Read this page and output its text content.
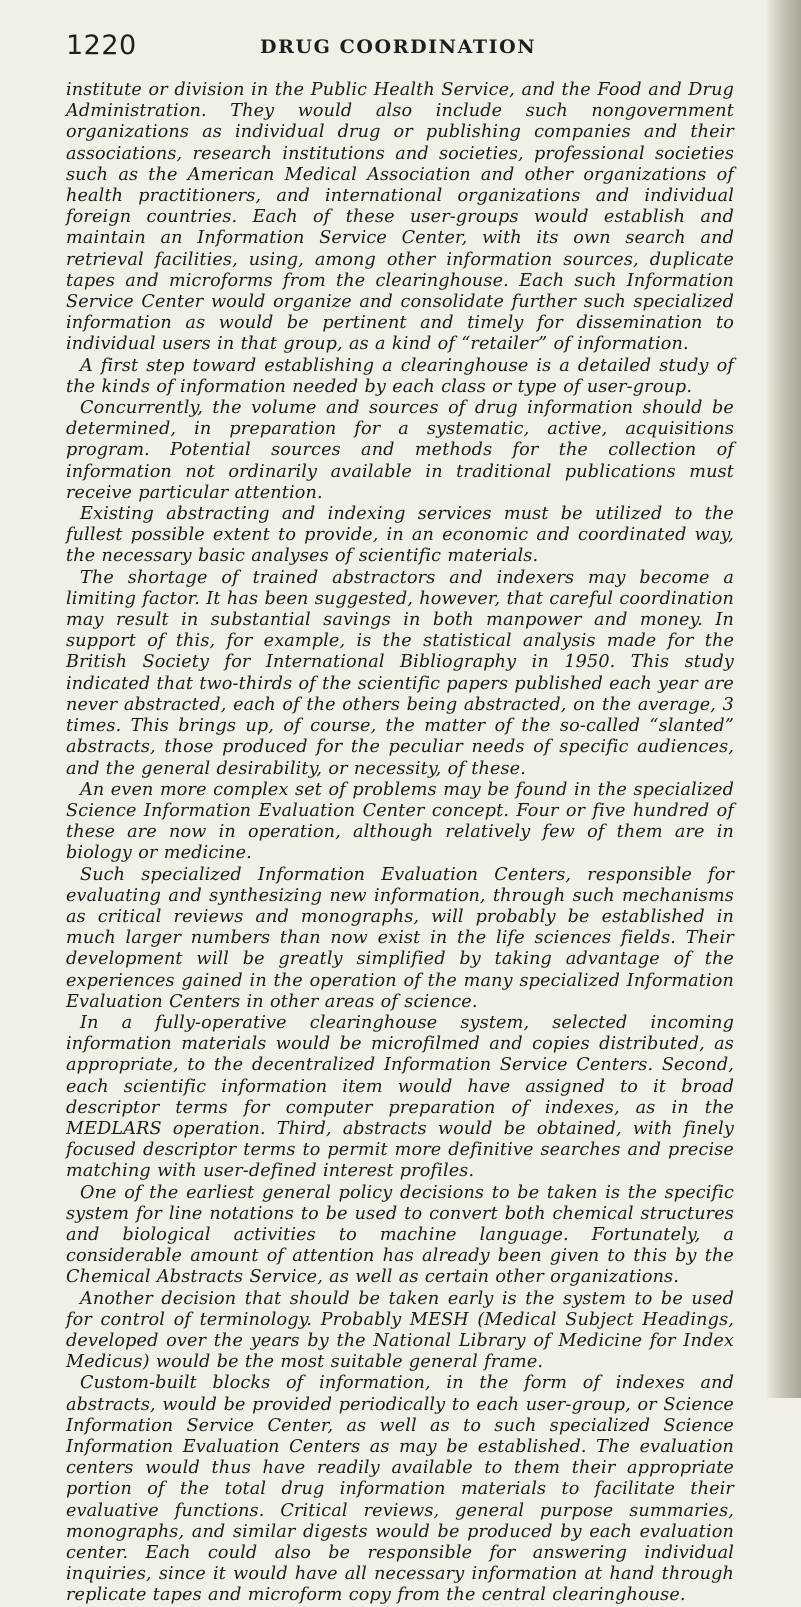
1220	DRUG COORDINATION

institute or division in the Public Health Service, and the Food and Drug Administration. They would also include such nongovernment organizations as individual drug or publishing companies and their associations, research institutions and societies, professional societies such as the American Medical Association and other organizations of health practitioners, and international organizations and individual foreign countries. Each of these user-groups would establish and maintain an Information Service Center, with its own search and retrieval facilities, using, among other information sources, duplicate tapes and microforms from the clearinghouse. Each such Information Service Center would organize and consolidate further such specialized information as would be pertinent and timely for dissemination to individual users in that group, as a kind of “retailer” of information.

A first step toward establishing a clearinghouse is a detailed study of the kinds of information needed by each class or type of user-group.

Concurrently, the volume and sources of drug information should be determined, in preparation for a systematic, active, acquisitions program. Potential sources and methods for the collection of information not ordinarily available in traditional publications must receive particular attention.

Existing abstracting and indexing services must be utilized to the fullest possible extent to provide, in an economic and coordinated way, the necessary basic analyses of scientific materials.

The shortage of trained abstractors and indexers may become a limiting factor. It has been suggested, however, that careful coordination may result in substantial savings in both manpower and money. In support of this, for example, is the statistical analysis made for the British Society for International Bibliography in 1950. This study indicated that two-thirds of the scientific papers published each year are never abstracted, each of the others being abstracted, on the average, 3 times. This brings up, of course, the matter of the so-called “slanted” abstracts, those produced for the peculiar needs of specific audiences, and the general desirability, or necessity, of these.

An even more complex set of problems may be found in the specialized Science Information Evaluation Center concept. Four or five hundred of these are now in operation, although relatively few of them are in biology or medicine.

Such specialized Information Evaluation Centers, responsible for evaluating and synthesizing new information, through such mechanisms as critical reviews and monographs, will probably be established in much larger numbers than now exist in the life sciences fields. Their development will be greatly simplified by taking advantage of the experiences gained in the operation of the many specialized Information Evaluation Centers in other areas of science.

In a fully-operative clearinghouse system, selected incoming information materials would be microfilmed and copies distributed, as appropriate, to the decentralized Information Service Centers. Second, each scientific information item would have assigned to it broad descriptor terms for computer preparation of indexes, as in the MEDLARS operation. Third, abstracts would be obtained, with finely focused descriptor terms to permit more definitive searches and precise matching with user-defined interest profiles.

One of the earliest general policy decisions to be taken is the specific system for line notations to be used to convert both chemical structures and biological activities to machine language. Fortunately, a considerable amount of attention has already been given to this by the Chemical Abstracts Service, as well as certain other organizations.

Another decision that should be taken early is the system to be used for control of terminology. Probably MESH (Medical Subject Headings, developed over the years by the National Library of Medicine for Index Medicus) would be the most suitable general frame.

Custom-built blocks of information, in the form of indexes and abstracts, would be provided periodically to each user-group, or Science Information Service Center, as well as to such specialized Science Information Evaluation Centers as may be established. The evaluation centers would thus have readily available to them their appropriate portion of the total drug information materials to facilitate their evaluative functions. Critical reviews, general purpose summaries, monographs, and similar digests would be produced by each evaluation center. Each could also be responsible for answering individual inquiries, since it would have all necessary information at hand through replicate tapes and microform copy from the central clearinghouse.
